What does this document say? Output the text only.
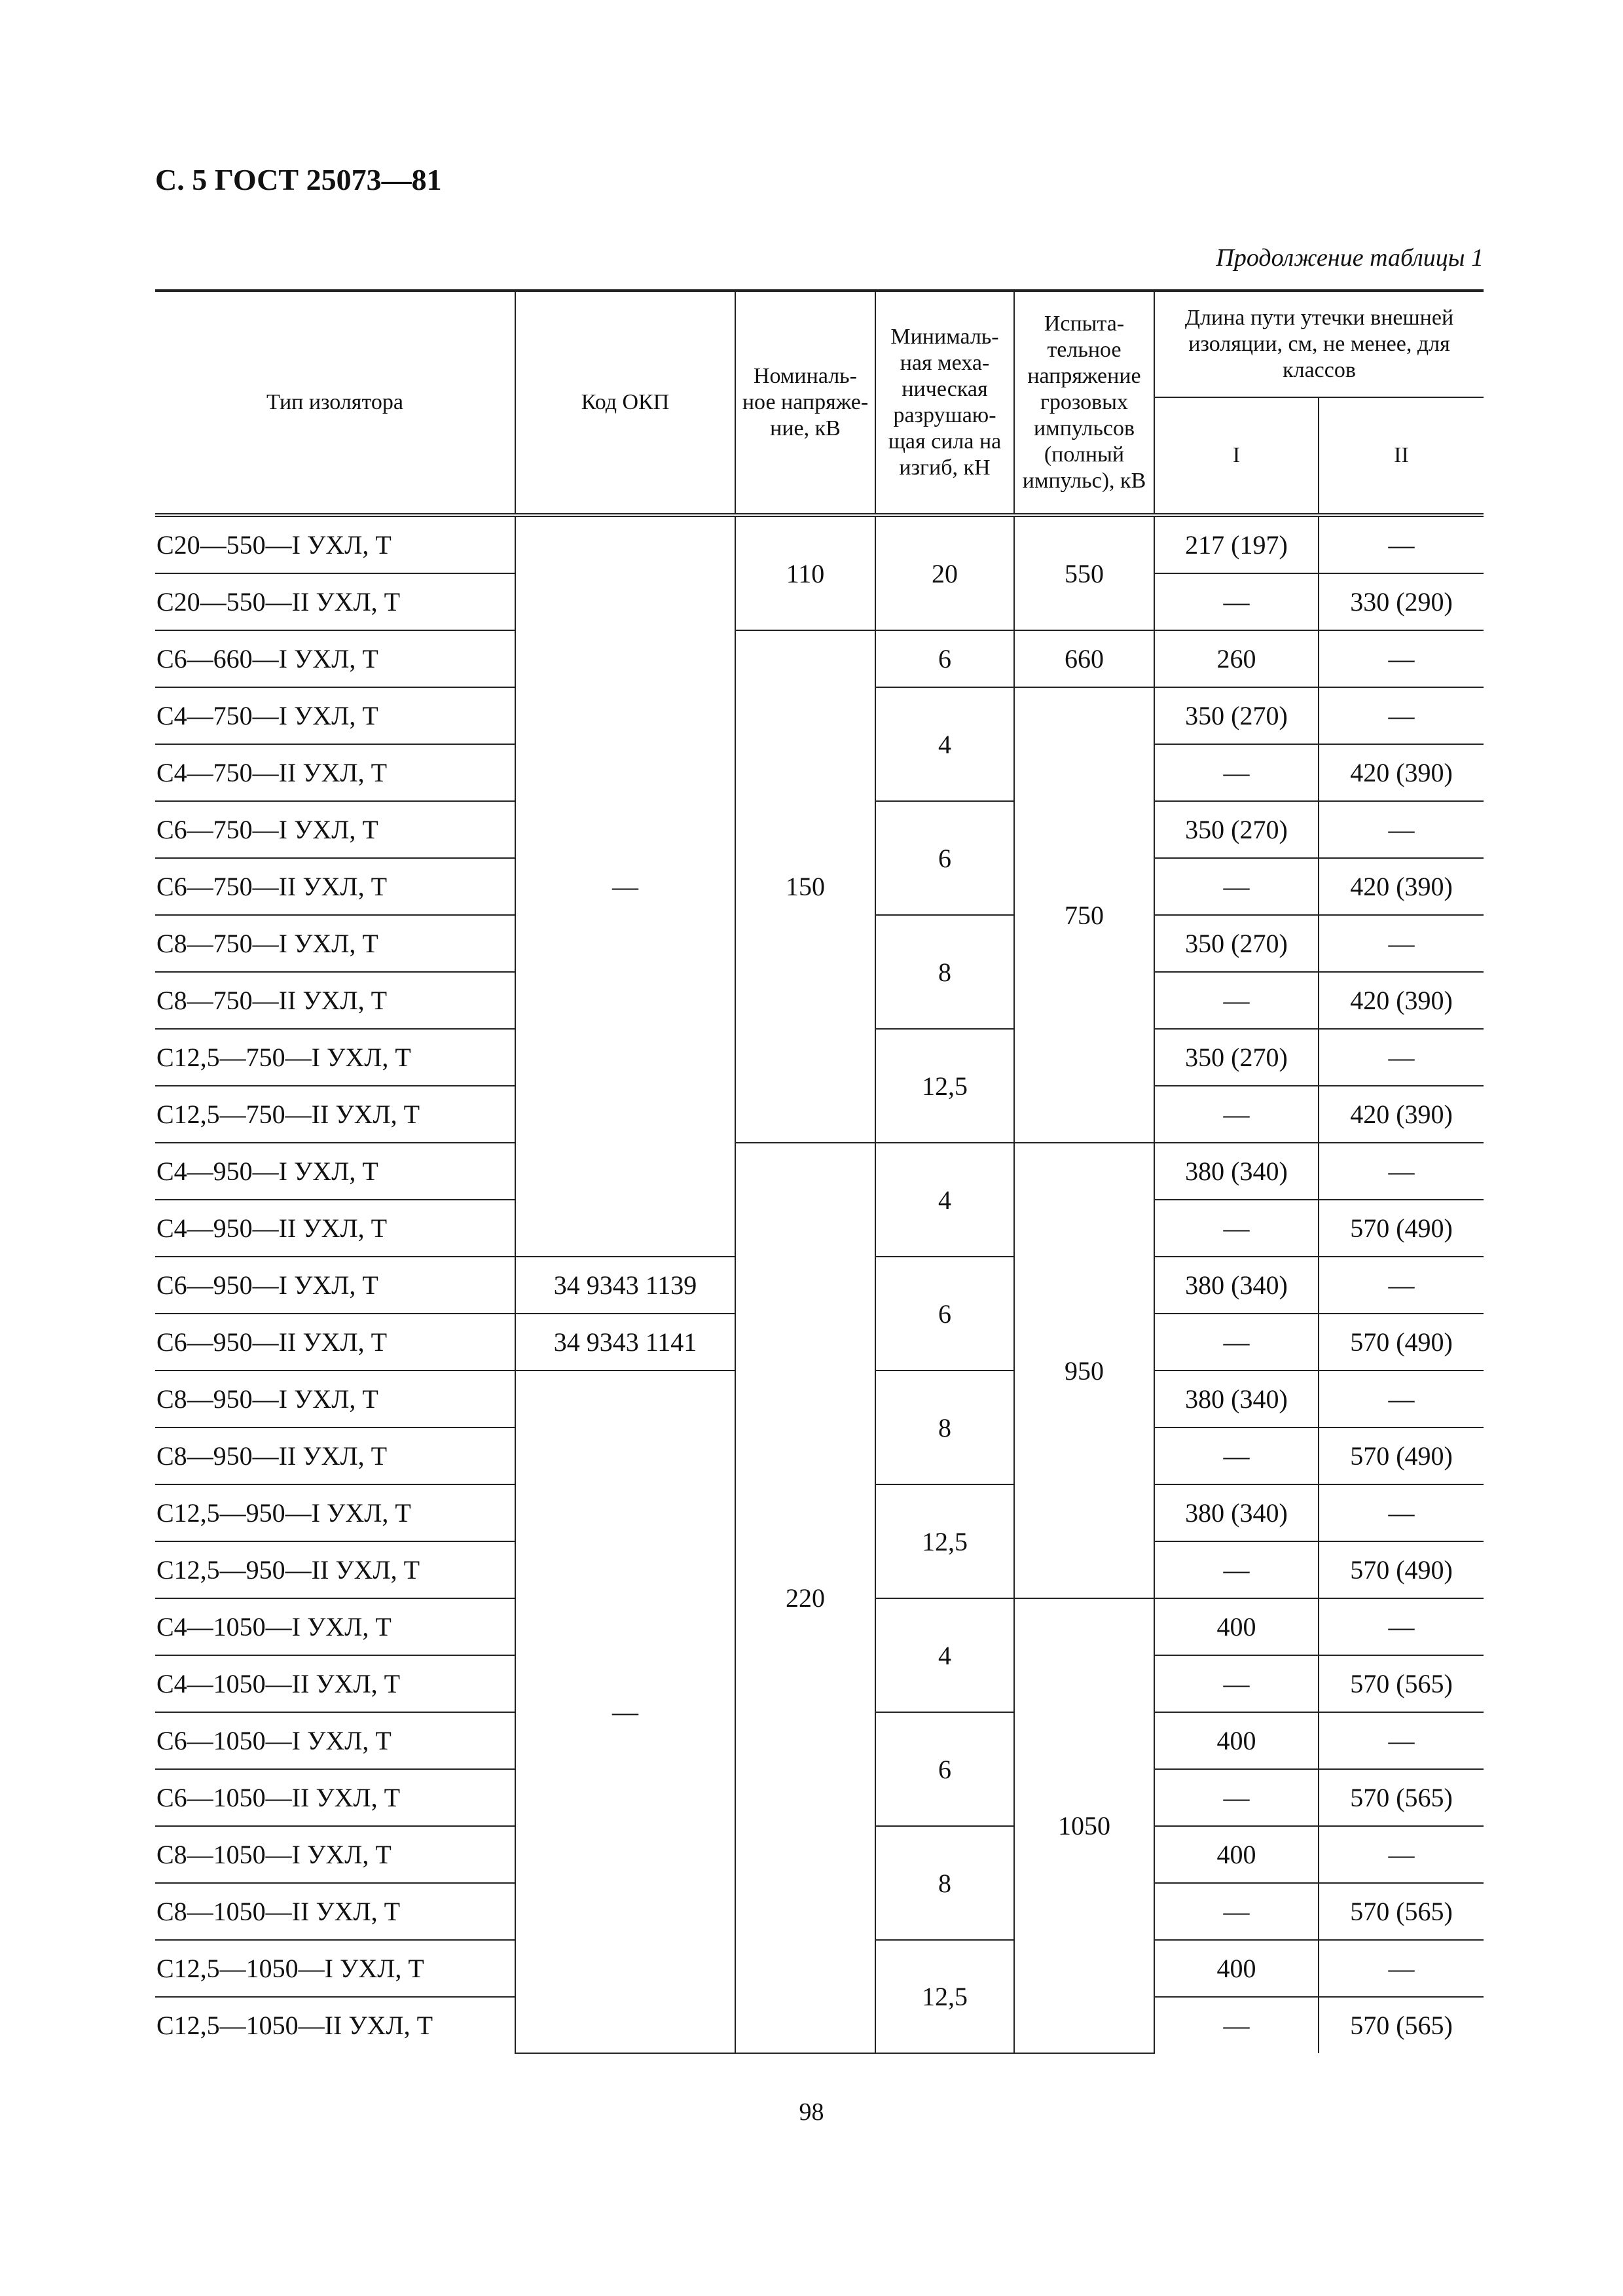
С. 5 ГОСТ 25073—81
Продолжение таблицы 1
Тип изолятора	Код ОКП	Номиналь-ное напряже-ние, кВ	Минималь-ная меха-ническая разрушаю-щая сила на изгиб, кН	Испыта-тельное напряжение грозовых импульсов (полный импульс), кВ	Длина пути утечки внешней изоляции, см, не менее, для классов	
					I	II
С20—550—I УХЛ, Т	—	110	20	550	217 (197)	—
С20—550—II УХЛ, Т					—	330 (290)
С6—660—I УХЛ, Т		150	6	660	260	—
С4—750—I УХЛ, Т			4	750	350 (270)	—
С4—750—II УХЛ, Т					—	420 (390)
С6—750—I УХЛ, Т			6		350 (270)	—
С6—750—II УХЛ, Т					—	420 (390)
С8—750—I УХЛ, Т			8		350 (270)	—
С8—750—II УХЛ, Т					—	420 (390)
С12,5—750—I УХЛ, Т			12,5		350 (270)	—
С12,5—750—II УХЛ, Т					—	420 (390)
С4—950—I УХЛ, Т		220	4	950	380 (340)	—
С4—950—II УХЛ, Т					—	570 (490)
С6—950—I УХЛ, Т	34 9343 1139		6		380 (340)	—
С6—950—II УХЛ, Т	34 9343 1141				—	570 (490)
С8—950—I УХЛ, Т	—		8		380 (340)	—
С8—950—II УХЛ, Т					—	570 (490)
С12,5—950—I УХЛ, Т			12,5		380 (340)	—
С12,5—950—II УХЛ, Т					—	570 (490)
С4—1050—I УХЛ, Т			4	1050	400	—
С4—1050—II УХЛ, Т					—	570 (565)
С6—1050—I УХЛ, Т			6		400	—
С6—1050—II УХЛ, Т					—	570 (565)
С8—1050—I УХЛ, Т			8		400	—
С8—1050—II УХЛ, Т					—	570 (565)
С12,5—1050—I УХЛ, Т			12,5		400	—
С12,5—1050—II УХЛ, Т					—	570 (565)
98
